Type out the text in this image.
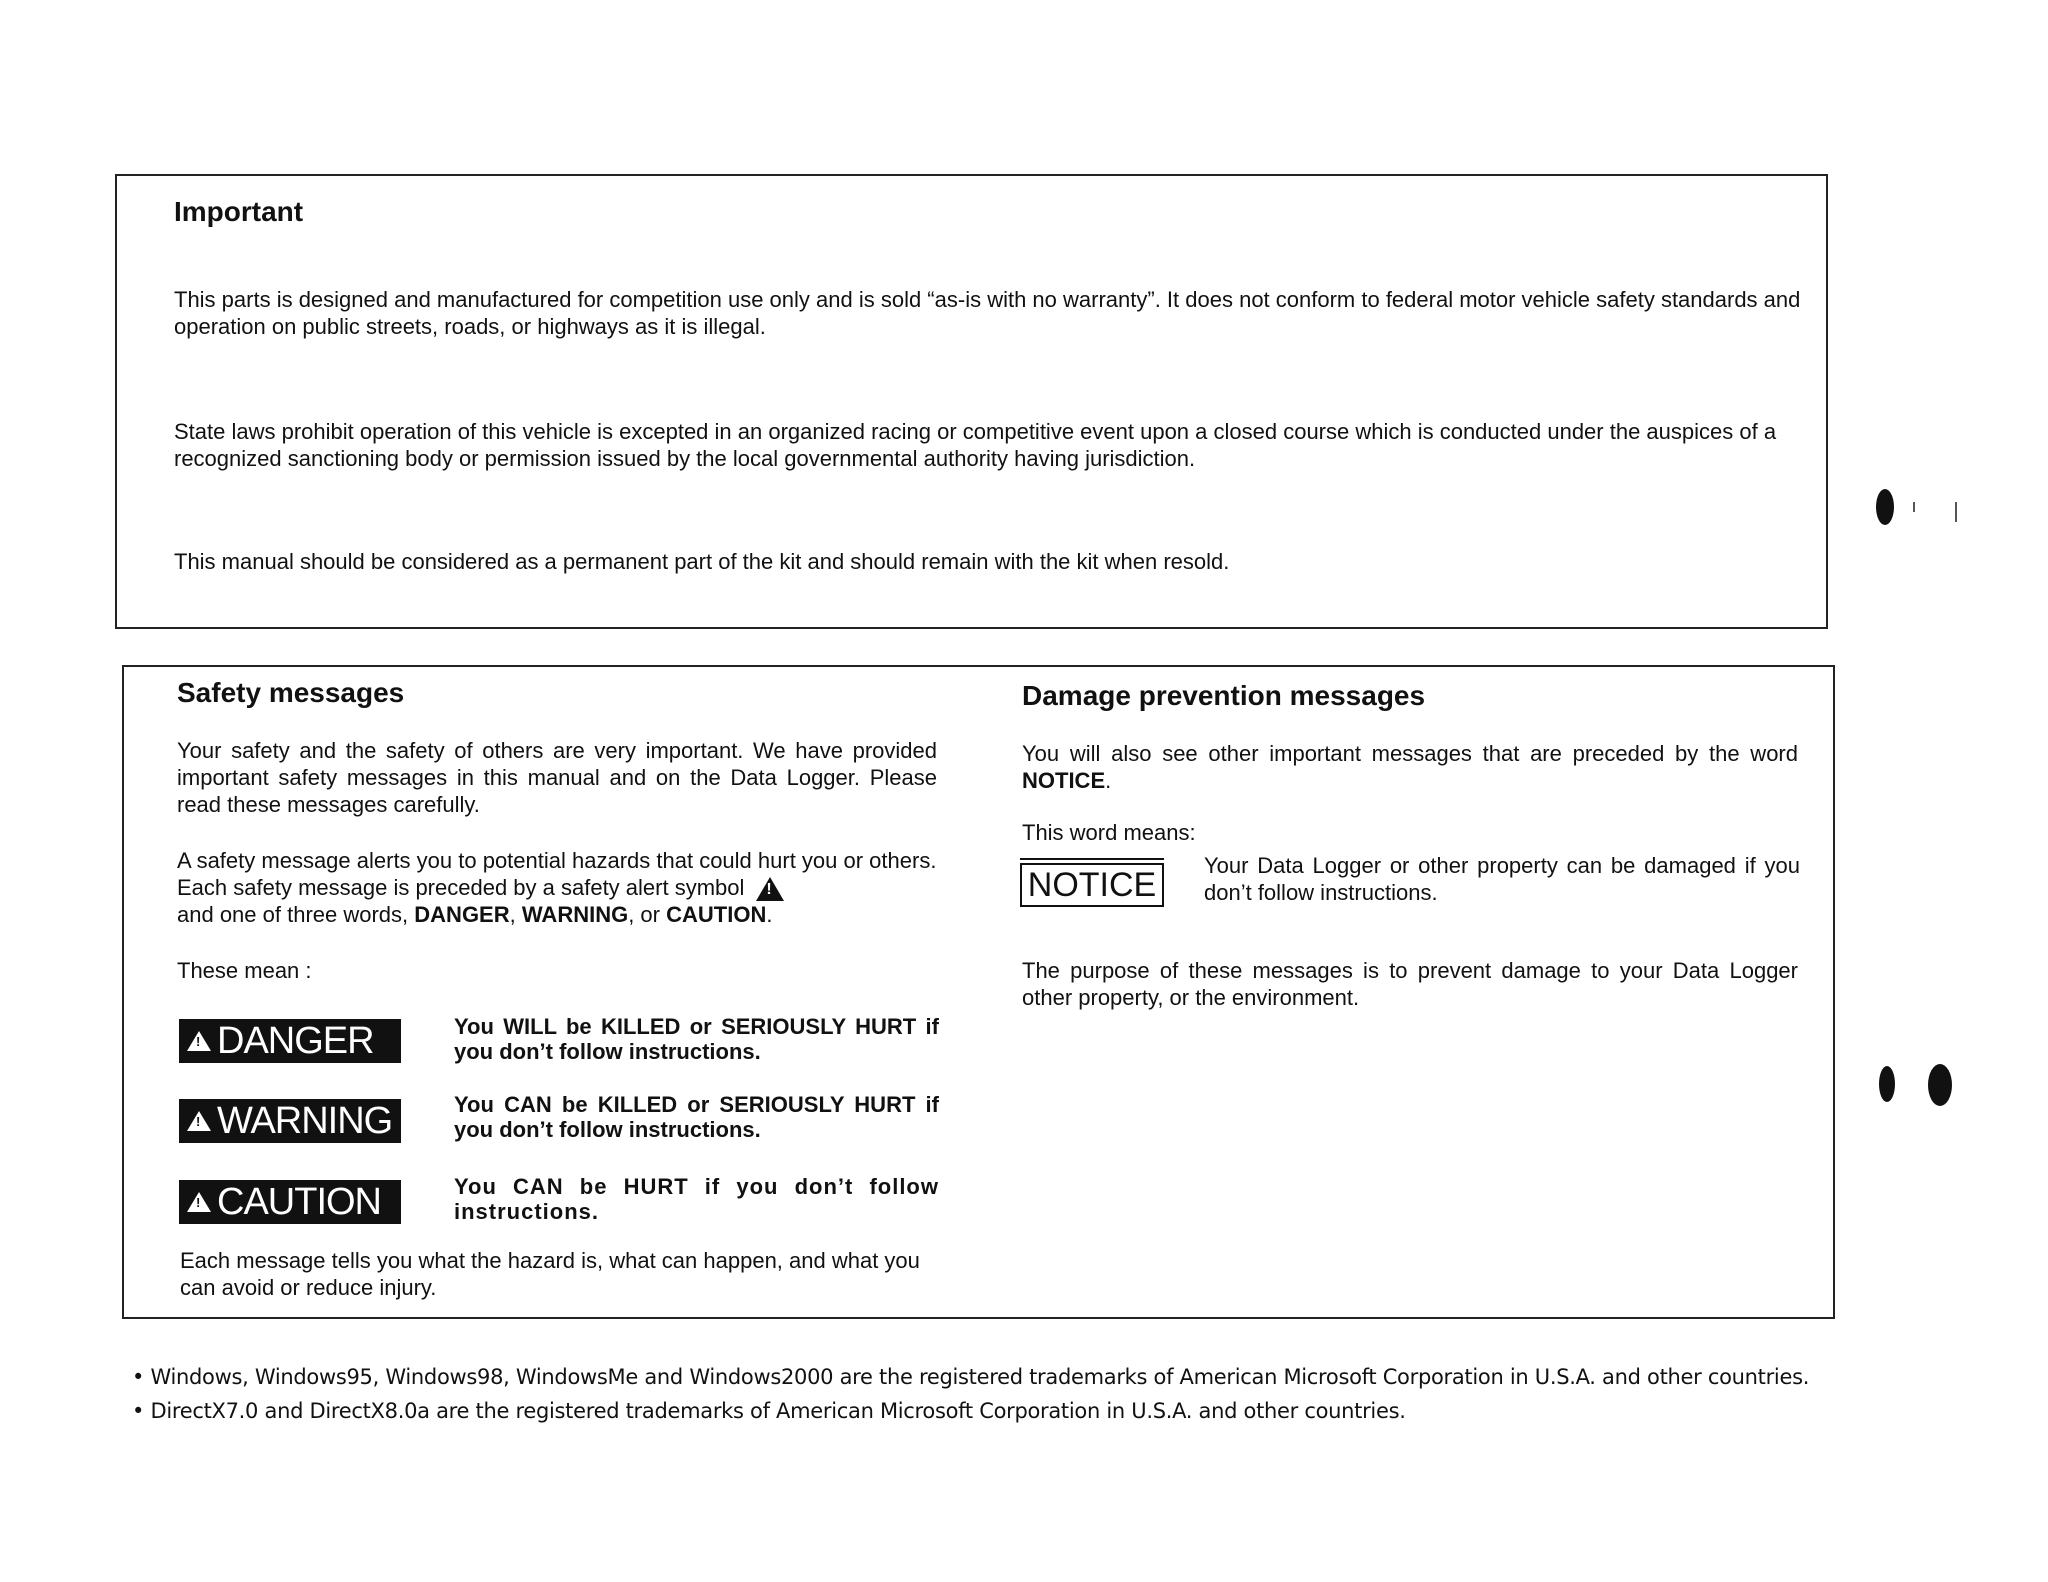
Important

This parts is designed and manufactured for competition use only and is sold “as-is with no warranty”. It does not conform to federal motor vehicle safety standards and operation on public streets, roads, or highways as it is illegal.

State laws prohibit operation of this vehicle is excepted in an organized racing or competitive event upon a closed course which is conducted under the auspices of a recognized sanctioning body or permission issued by the local governmental authority having jurisdiction.

This manual should be considered as a permanent part of the kit and should remain with the kit when resold.

Safety messages

Your safety and the safety of others are very important. We have provided important safety messages in this manual and on the Data Logger. Please read these messages carefully.

A safety message alerts you to potential hazards that could hurt you or others. Each safety message is preceded by a safety alert symbol!
and one of three words, DANGER, WARNING, or CAUTION.

These mean :

!DANGER	You WILL be KILLED or SERIOUSLY HURT if you don’t follow instructions.
!WARNING	You CAN be KILLED or SERIOUSLY HURT if you don’t follow instructions.
!CAUTION	You CAN be HURT if you don’t follow instructions.

Each message tells you what the hazard is, what can happen, and what you can avoid or reduce injury.

Damage prevention messages

You will also see other important messages that are preceded by the word NOTICE.

This word means:

NOTICE

Your Data Logger or other property can be damaged if you don’t follow instructions.

The purpose of these messages is to prevent damage to your Data Logger other property, or the environment.

• Windows, Windows95, Windows98, WindowsMe and Windows2000 are the registered trademarks of American Microsoft Corporation in U.S.A. and other countries.
• DirectX7.0 and DirectX8.0a are the registered trademarks of American Microsoft Corporation in U.S.A. and other countries.
